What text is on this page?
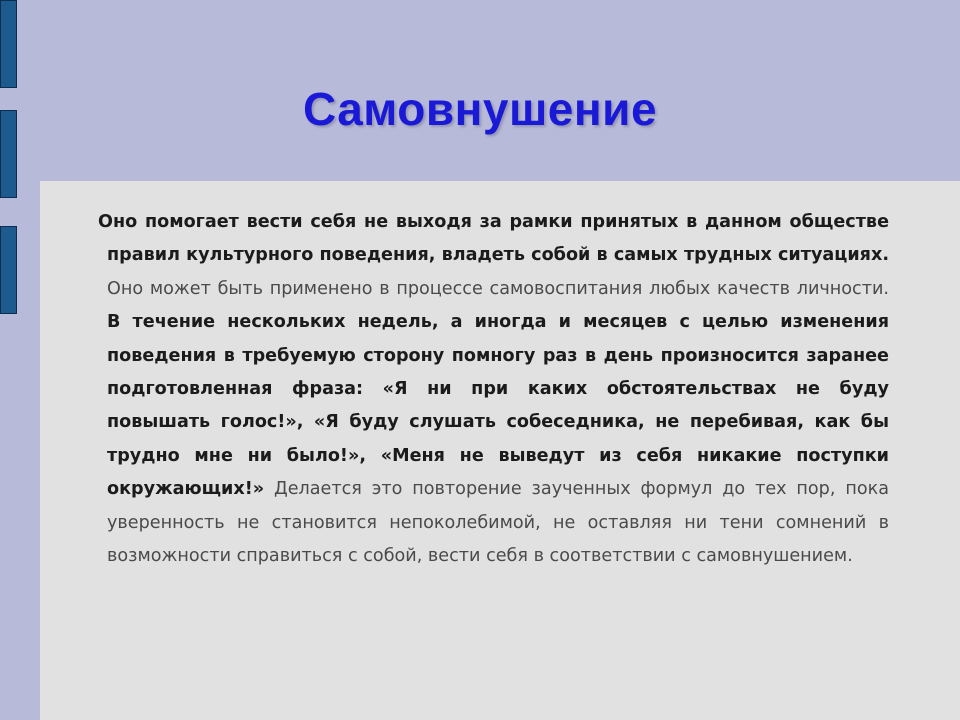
Самовнушение

Оно помогает вести себя не выходя за рамки принятых в данном обществе правил культурного поведения, владеть собой в самых трудных ситуациях. Оно может быть применено в процессе самовоспитания любых качеств личности. В течение нескольких недель, а иногда и месяцев с целью изменения поведения в требуемую сторону помногу раз в день произносится заранее подготовленная фраза: «Я ни при каких обстоятельствах не буду повышать голос!», «Я буду слушать собеседника, не перебивая, как бы трудно мне ни было!», «Меня не выведут из себя никакие поступки окружающих!» Делается это повторение заученных формул до тех пор, пока уверенность не становится непоколебимой, не оставляя ни тени сомнений в возможности справиться с собой, вести себя в соответствии с самовнушением.
